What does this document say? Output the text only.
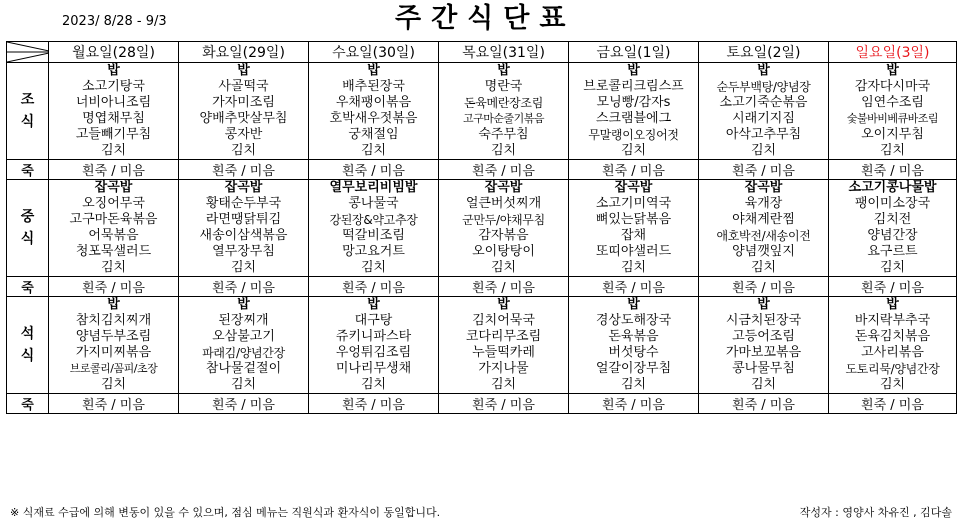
2023/ 8/28 - 9/3	주간식단표
	월요일(28일)	화요일(29일)	수요일(30일)	목요일(31일)	금요일(1일)	토요일(2일)	일요일(3일)

조
식	밥	밥	밥	밥	밥	밥	밥
	소고기탕국	사골떡국	배추된장국	명란국	브로콜리크림스프	순두부백탕/양념장	감자다시마국
	너비아니조림	가자미조림	우채팽이볶음	돈육메란장조림	모닝빵/감자s	소고기죽순볶음	임연수조림
	명엽채무침	양배추맛살무침	호박새우젓볶음	고구마순줄기볶음	스크램블에그	시래기지짐	숯불바비베큐바조림
	고들빼기무침	콩자반	궁채절임	숙주무침	무말랭이오징어젓	아삭고추무침	오이지무침
	김치	김치	김치	김치	김치	김치	김치
죽	흰죽 / 미음	흰죽 / 미음	흰죽 / 미음	흰죽 / 미음	흰죽 / 미음	흰죽 / 미음	흰죽 / 미음

중
식	잡곡밥	잡곡밥	열무보리비빔밥	잡곡밥	잡곡밥	잡곡밥	소고기콩나물밥
	오징어무국	황태순두부국	콩나물국	얼큰버섯찌개	소고기미역국	육개장	팽이미소장국
	고구마돈육볶음	라면땡닭튀김	강된장&약고추장	군만두/야채무침	뼈있는닭볶음	야채계란찜	김치전
	어묵볶음	새송이삼색볶음	떡갈비조림	감자볶음	잡채	애호박전/새송이전	양념간장
	청포묵샐러드	열무장무침	망고요거트	오이탕탕이	또띠야샐러드	양념깻잎지	요구르트
	김치	김치	김치	김치	김치	김치	김치
죽	흰죽 / 미음	흰죽 / 미음	흰죽 / 미음	흰죽 / 미음	흰죽 / 미음	흰죽 / 미음	흰죽 / 미음

석
식	밥	밥	밥	밥	밥	밥	밥
	참치김치찌개	된장찌개	대구탕	김치어묵국	경상도해장국	시금치된장국	바지락부추국
	양념두부조림	오삼불고기	쥬키니파스타	코다리무조림	돈육볶음	고등어조림	돈육김치볶음
	가지미찌볶음	파래김/양념간장	우엉튀김조림	누들떡카레	버섯탕수	가마보꼬볶음	고사리볶음
	브로콜리/꼼피/초장	참나물겉절이	미나리무생채	가지나물	얼갈이장무침	콩나물무침	도토리묵/양념간장
	김치	김치	김치	김치	김치	김치	김치
죽	흰죽 / 미음	흰죽 / 미음	흰죽 / 미음	흰죽 / 미음	흰죽 / 미음	흰죽 / 미음	흰죽 / 미음
※ 식재료 수급에 의해 변동이 있을 수 있으며, 점심 메뉴는 직원식과 환자식이 동일합니다.	작성자 : 영양사 차유진 , 김다솔
